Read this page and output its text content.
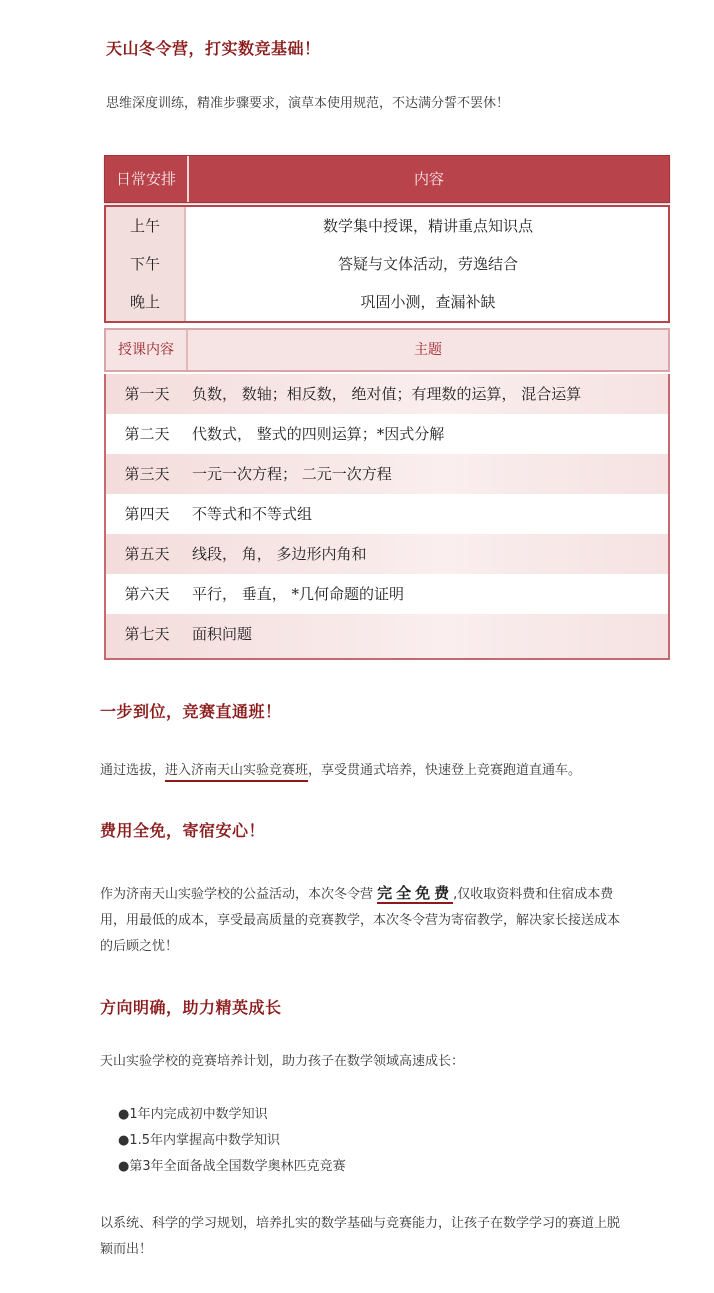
天山冬令营，打实数竞基础！
思维深度训练，精准步骤要求，演草本使用规范，不达满分誓不罢休！
日常安排	内容
上午	数学集中授课，精讲重点知识点
下午	答疑与文体活动，劳逸结合
晚上	巩固小测，查漏补缺
授课内容	主题
第一天	负数， 数轴；相反数， 绝对值；有理数的运算， 混合运算
第二天	代数式， 整式的四则运算；*因式分解
第三天	一元一次方程； 二元一次方程
第四天	不等式和不等式组
第五天	线段， 角， 多边形内角和
第六天	平行， 垂直， *几何命题的证明
第七天	面积问题
一步到位，竞赛直通班！
通过选拔，进入济南天山实验竞赛班，享受贯通式培养，快速登上竞赛跑道直通车。
费用全免，寄宿安心！
作为济南天山实验学校的公益活动，本次冬令营 完全免费,仅收取资料费和住宿成本费
用，用最低的成本，享受最高质量的竞赛教学，本次冬令营为寄宿教学，解决家长接送成本
的后顾之忧！
方向明确，助力精英成长
天山实验学校的竞赛培养计划，助力孩子在数学领域高速成长：
●1年内完成初中数学知识
●1.5年内掌握高中数学知识
●第3年全面备战全国数学奥林匹克竞赛
以系统、科学的学习规划，培养扎实的数学基础与竞赛能力，让孩子在数学学习的赛道上脱
颖而出！
